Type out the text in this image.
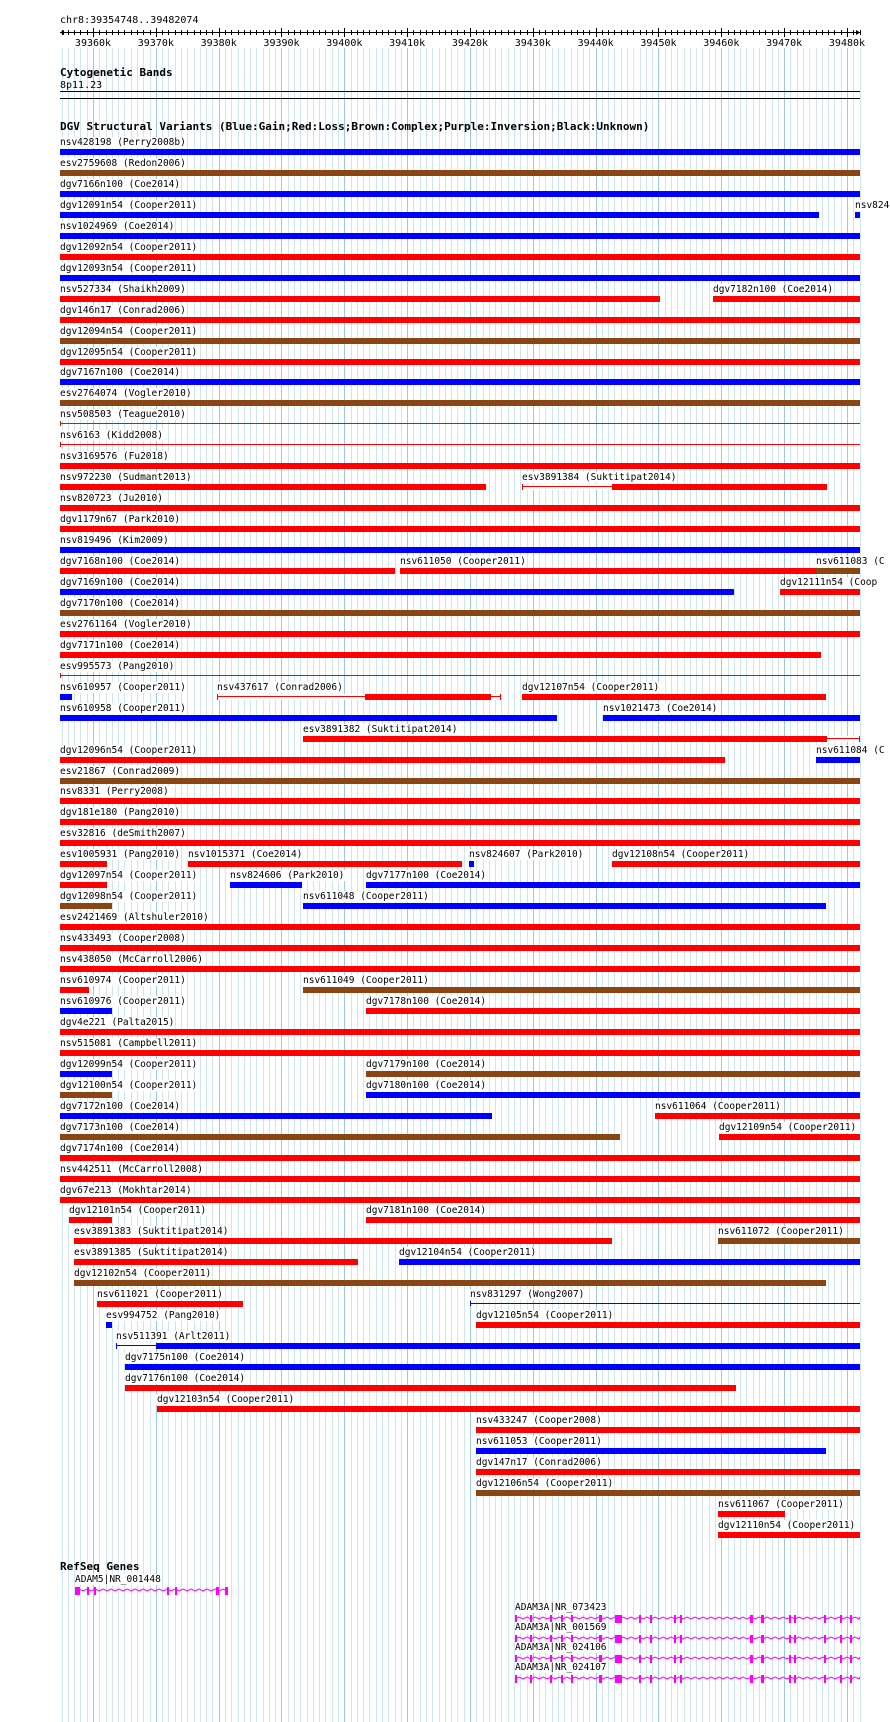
chr8:39354748..39482074
39360k	39370k	39380k	39390k	39400k	39410k	39420k	39430k	39440k	39450k	39460k	39470k	39480k
Cytogenetic Bands
8p11.23
DGV Structural Variants (Blue:Gain;Red:Loss;Brown:Complex;Purple:Inversion;Black:Unknown)
nsv428198 (Perry2008b)
esv2759608 (Redon2006)
dgv7166n100 (Coe2014)
dgv12091n54 (Cooper2011)	nsv824
nsv1024969 (Coe2014)
dgv12092n54 (Cooper2011)
dgv12093n54 (Cooper2011)
nsv527334 (Shaikh2009)	dgv7182n100 (Coe2014)
dgv146n17 (Conrad2006)
dgv12094n54 (Cooper2011)
dgv12095n54 (Cooper2011)
dgv7167n100 (Coe2014)
esv2764074 (Vogler2010)
nsv508503 (Teague2010)
nsv6163 (Kidd2008)
nsv3169576 (Fu2018)
nsv972230 (Sudmant2013)	esv3891384 (Suktitipat2014)
nsv820723 (Ju2010)
dgv1179n67 (Park2010)
nsv819496 (Kim2009)
dgv7168n100 (Coe2014)	nsv611050 (Cooper2011)	nsv611083 (C
dgv7169n100 (Coe2014)	dgv12111n54 (Coop
dgv7170n100 (Coe2014)
esv2761164 (Vogler2010)
dgv7171n100 (Coe2014)
esv995573 (Pang2010)
nsv610957 (Cooper2011)	nsv437617 (Conrad2006)	dgv12107n54 (Cooper2011)
nsv610958 (Cooper2011)	nsv1021473 (Coe2014)
esv3891382 (Suktitipat2014)
dgv12096n54 (Cooper2011)	nsv611084 (C
esv21867 (Conrad2009)
nsv8331 (Perry2008)
dgv181e180 (Pang2010)
esv32816 (deSmith2007)
esv1005931 (Pang2010) nsv1015371 (Coe2014)	nsv824607 (Park2010)	dgv12108n54 (Cooper2011)
dgv12097n54 (Cooper2011)	nsv824606 (Park2010) dgv7177n100 (Coe2014)
dgv12098n54 (Cooper2011)	nsv611048 (Cooper2011)
esv2421469 (Altshuler2010)
nsv433493 (Cooper2008)
nsv438050 (McCarroll2006)
nsv610974 (Cooper2011)	nsv611049 (Cooper2011)
nsv610976 (Cooper2011)	dgv7178n100 (Coe2014)
dgv4e221 (Palta2015)
nsv515081 (Campbell2011)
dgv12099n54 (Cooper2011)	dgv7179n100 (Coe2014)
dgv12100n54 (Cooper2011)	dgv7180n100 (Coe2014)
dgv7172n100 (Coe2014)	nsv611064 (Cooper2011)
dgv7173n100 (Coe2014)	dgv12109n54 (Cooper2011)
dgv7174n100 (Coe2014)
nsv442511 (McCarroll2008)
dgv67e213 (Mokhtar2014)
dgv12101n54 (Cooper2011)	dgv7181n100 (Coe2014)
esv3891383 (Suktitipat2014)	nsv611072 (Cooper2011)
esv3891385 (Suktitipat2014)	dgv12104n54 (Cooper2011)
dgv12102n54 (Cooper2011)
nsv611021 (Cooper2011)	nsv831297 (Wong2007)
esv994752 (Pang2010)	dgv12105n54 (Cooper2011)
nsv511391 (Arlt2011)
dgv7175n100 (Coe2014)
dgv7176n100 (Coe2014)
dgv12103n54 (Cooper2011)
nsv433247 (Cooper2008)
nsv611053 (Cooper2011)
dgv147n17 (Conrad2006)
dgv12106n54 (Cooper2011)
nsv611067 (Cooper2011)
dgv12110n54 (Cooper2011)
RefSeq Genes
ADAM5|NR_001448
ADAM3A|NR_073423
ADAM3A|NR_001569
ADAM3A|NR_024106
ADAM3A|NR_024107
